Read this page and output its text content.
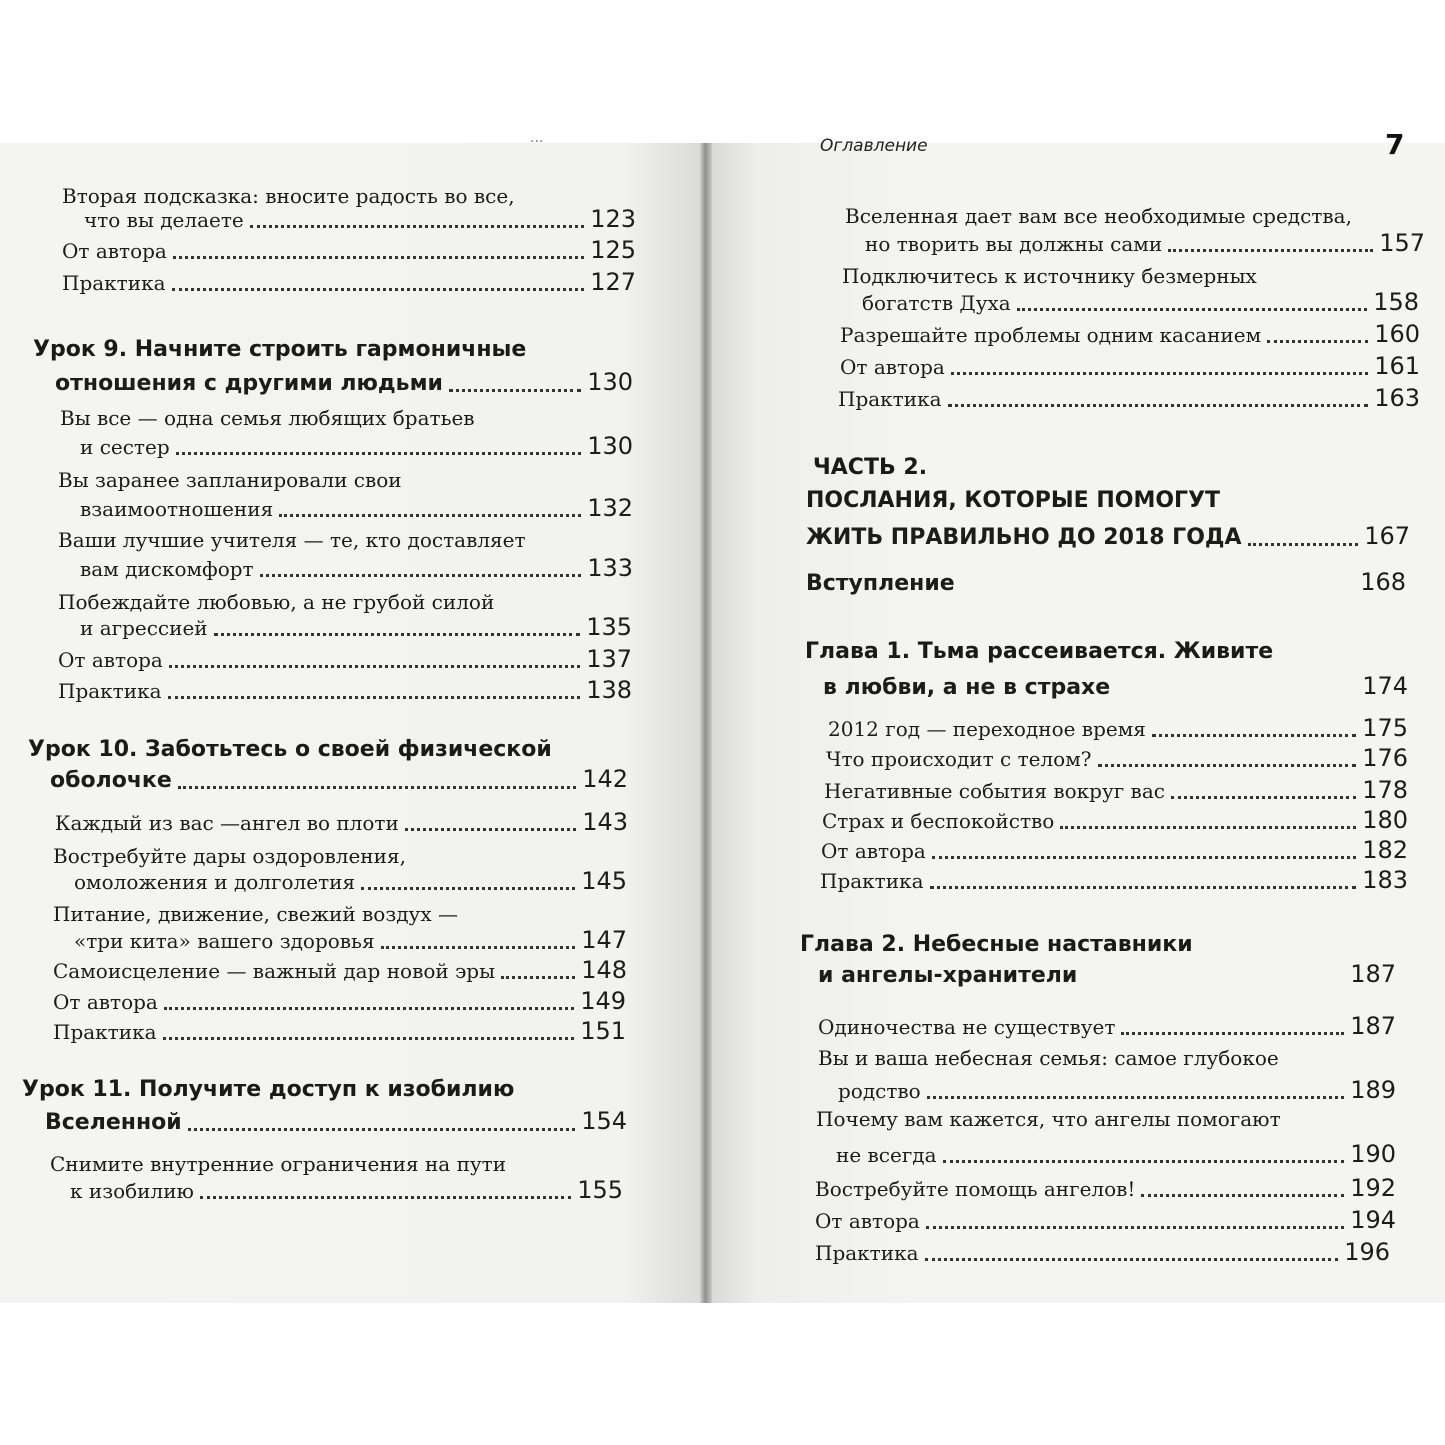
...	Оглавление	7
Вторая подсказка: вносите радость во все,
что вы делаете	123
От автора	125
Практика	127
Урок 9. Начните строить гармоничные
отношения с другими людьми	130
Вы все — одна семья любящих братьев
и сестер	130
Вы заранее запланировали свои
взаимоотношения	132
Ваши лучшие учителя — те, кто доставляет
вам дискомфорт	133
Побеждайте любовью, а не грубой силой
и агрессией	135
От автора	137
Практика	138
Урок 10. Заботьтесь о своей физической
оболочке	142
Каждый из вас —ангел во плоти	143
Востребуйте дары оздоровления,
омоложения и долголетия	145
Питание, движение, свежий воздух —
«три кита» вашего здоровья	147
Самоисцеление — важный дар новой эры	148
От автора	149
Практика	151
Урок 11. Получите доступ к изобилию
Вселенной	154
Снимите внутренние ограничения на пути
к изобилию	155
Вселенная дает вам все необходимые средства,
но творить вы должны сами	157
Подключитесь к источнику безмерных
богатств Духа	158
Разрешайте проблемы одним касанием	160
От автора	161
Практика	163
ЧАСТЬ 2.
ПОСЛАНИЯ, КОТОРЫЕ ПОМОГУТ
ЖИТЬ ПРАВИЛЬНО ДО 2018 ГОДА	167
Вступление	168
Глава 1. Тьма рассеивается. Живите
в любви, а не в страхе	174
2012 год — переходное время	175
Что происходит с телом?	176
Негативные события вокруг вас	178
Страх и беспокойство	180
От автора	182
Практика	183
Глава 2. Небесные наставники
и ангелы-хранители	187
Одиночества не существует	187
Вы и ваша небесная семья: самое глубокое
родство	189
Почему вам кажется, что ангелы помогают
не всегда	190
Востребуйте помощь ангелов!	192
От автора	194
Практика	196
